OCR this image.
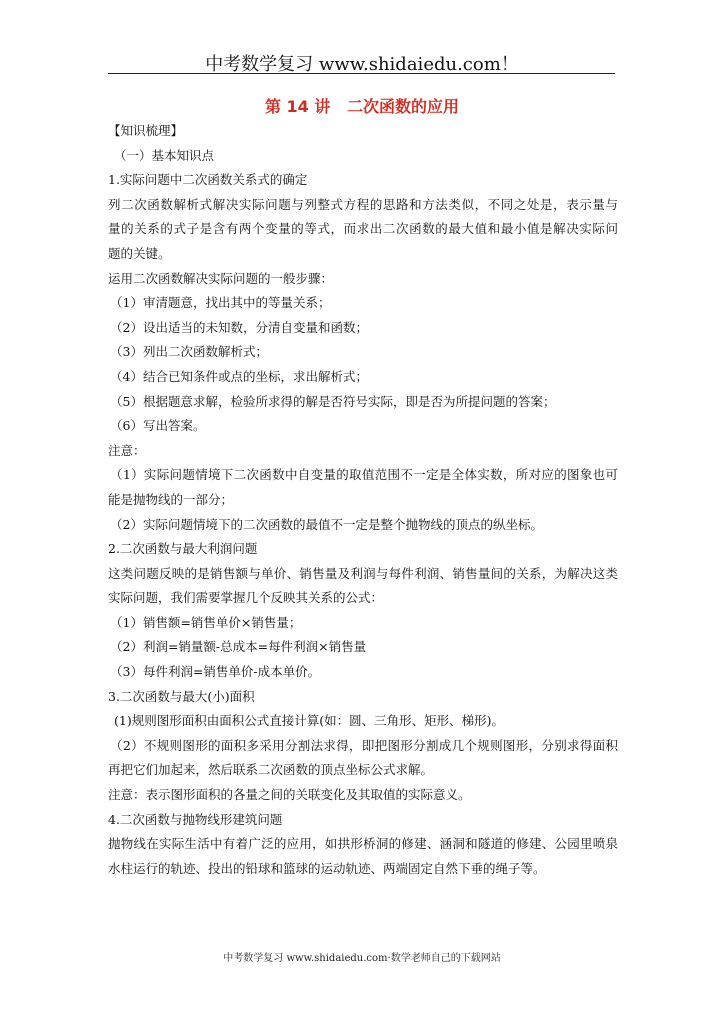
中考数学复习 www.shidaiedu.com！
第 14 讲   二次函数的应用

【知识梳理】

（一）基本知识点

1.实际问题中二次函数关系式的确定

列二次函数解析式解决实际问题与列整式方程的思路和方法类似，不同之处是，表示量与

量的关系的式子是含有两个变量的等式，而求出二次函数的最大值和最小值是解决实际问

题的关键。

运用二次函数解决实际问题的一般步骤：

（1）审清题意，找出其中的等量关系；

（2）设出适当的未知数，分清自变量和函数；

（3）列出二次函数解析式；

（4）结合已知条件或点的坐标，求出解析式；

（5）根据题意求解，检验所求得的解是否符号实际，即是否为所提问题的答案；

（6）写出答案。

注意：

（1）实际问题情境下二次函数中自变量的取值范围不一定是全体实数，所对应的图象也可

能是抛物线的一部分；

（2）实际问题情境下的二次函数的最值不一定是整个抛物线的顶点的纵坐标。

2.二次函数与最大利润问题

这类问题反映的是销售额与单价、销售量及利润与每件利润、销售量间的关系，为解决这类

实际问题，我们需要掌握几个反映其关系的公式：

（1）销售额=销售单价×销售量；

（2）利润=销量额-总成本=每件利润×销售量

（3）每件利润=销售单价-成本单价。

3.二次函数与最大(小)面积

(1)规则图形面积由面积公式直接计算(如：圆、三角形、矩形、梯形)。

（2）不规则图形的面积多采用分割法求得，即把图形分割成几个规则图形，分别求得面积

再把它们加起来，然后联系二次函数的顶点坐标公式求解。

注意：表示图形面积的各量之间的关联变化及其取值的实际意义。

4.二次函数与抛物线形建筑问题

抛物线在实际生活中有着广泛的应用，如拱形桥洞的修建、涵洞和隧道的修建、公园里喷泉

水柱运行的轨迹、投出的铅球和篮球的运动轨迹、两端固定自然下垂的绳子等。

中考数学复习 www.shidaiedu.com·数学老师自己的下载网站
